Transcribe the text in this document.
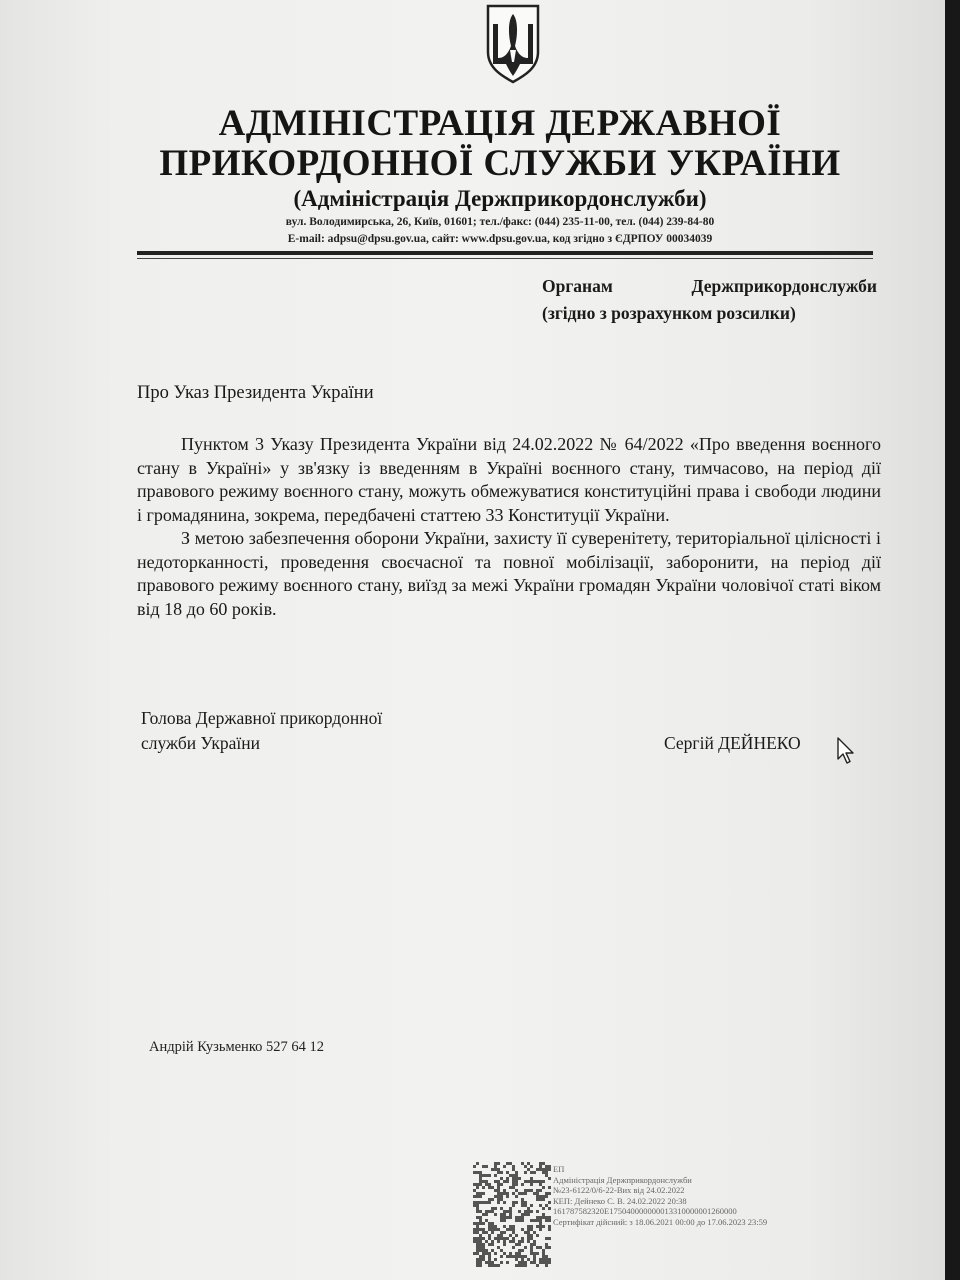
АДМІНІСТРАЦІЯ ДЕРЖАВНОЇ
ПРИКОРДОННОЇ СЛУЖБИ УКРАЇНИ
(Адміністрація Держприкордонслужби)
вул. Володимирська, 26, Київ, 01601; тел./факс: (044) 235-11-00, тел. (044) 239-84-80
E-mail: adpsu@dpsu.gov.ua, сайт: www.dpsu.gov.ua, код згідно з ЄДРПОУ 00034039
Органам	Держприкордонслужби
(згідно з розрахунком розсилки)
Про Указ Президента України

Пунктом 3 Указу Президента України від 24.02.2022 № 64/2022 «Про введення воєнного стану в Україні» у зв'язку із введенням в Україні воєнного стану, тимчасово, на період дії правового режиму воєнного стану, можуть обмежуватися конституційні права і свободи людини і громадянина, зокрема, передбачені статтею 33 Конституції України.

З метою забезпечення оборони України, захисту її суверенітету, територіальної цілісності і недоторканності, проведення своєчасної та повної мобілізації, заборонити, на період дії правового режиму воєнного стану, виїзд за межі України громадян України чоловічої статі віком від 18 до 60 років.

Голова Державної прикордонної
служби України	Сергій ДЕЙНЕКО
Андрій Кузьменко 527 64 12
ЕП
Адміністрація Держприкордонслужби
№23-6122/0/6-22-Вих від 24.02.2022
КЕП: Дейнеко С. В. 24.02.2022 20:38
161787582320E175040000000013310000001260000
Сертифікат дійсний: з 18.06.2021 00:00 до 17.06.2023 23:59
